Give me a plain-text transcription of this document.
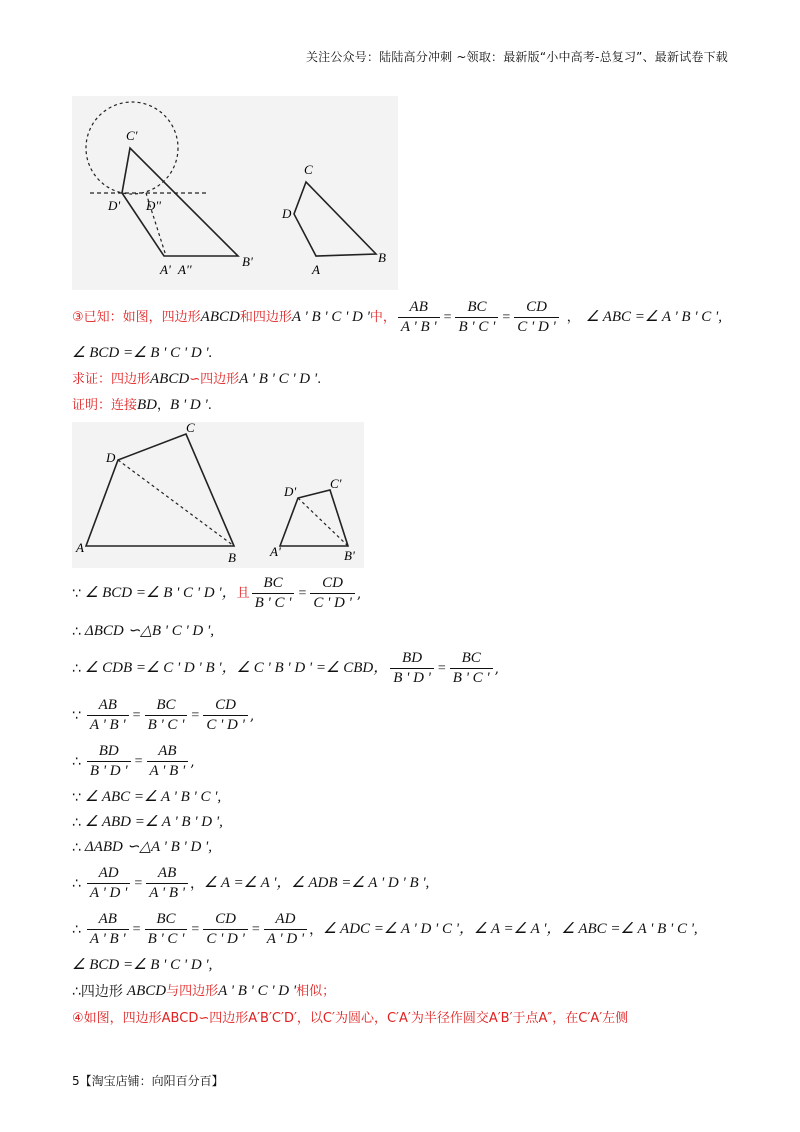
关注公众号：陆陆高分冲刺 ~领取：最新版“小中高考-总复习”、最新试卷下载
C'
D' D''
A' A''
B'
C
D
A
B
③已知：如图，四边形 ABCD 和四边形 A ' B ' C ' D ' 中， $\frac{AB}{A ' B '} = \frac{BC}{B ' C '} = \frac{CD}{C ' D '}$ ， ∠ ABC =∠ A ' B ' C ',
∠ BCD =∠ B ' C ' D '.
求证：四边形 ABCD ∽四边形 A ' B ' C ' D ' .
证明：连接 BD ， B ' D ' .
A
D
C
B	A'
D'
C'
B'
∵ ∠ BCD =∠ B ' C ' D '， 且 $\frac{BC}{B ' C '} = \frac{CD}{C ' D '}$ ,
∴ ΔBCD ∽△B ' C ' D ',
∴ ∠ CDB =∠ C ' D ' B '，∠ C ' B ' D ' =∠ CBD， $\frac{BD}{B ' D '} = \frac{BC}{B ' C '}$ ,
∵ $\frac{AB}{A ' B '} = \frac{BC}{B ' C '} = \frac{CD}{C ' D '}$ ,
∴ $\frac{BD}{B ' D '} = \frac{AB}{A ' B '}$ ,
∵ ∠ ABC =∠ A ' B ' C ',
∴ ∠ ABD =∠ A ' B ' D ',
∴ ΔABD ∽△A ' B ' D ',
∴ $\frac{AD}{A ' D '} = \frac{AB}{A ' B '}$ ， ∠ A =∠ A '，∠ ADB =∠ A ' D ' B ',
∴ $\frac{AB}{A ' B '} = \frac{BC}{B ' C '} = \frac{CD}{C ' D '} = \frac{AD}{A ' D '}$ ， ∠ ADC =∠ A ' D ' C '，∠ A =∠ A '，∠ ABC =∠ A ' B ' C ',
∠ BCD =∠ B ' C ' D ',
∴四边形 ABCD 与四边形 A ' B ' C ' D ' 相似；
④如图，四边形ABCD∽四边形A′B′C′D′，以C′为圆心，C′A′为半径作圆交A′B′于点A″，在C′A′左侧
5【淘宝店铺：向阳百分百】
